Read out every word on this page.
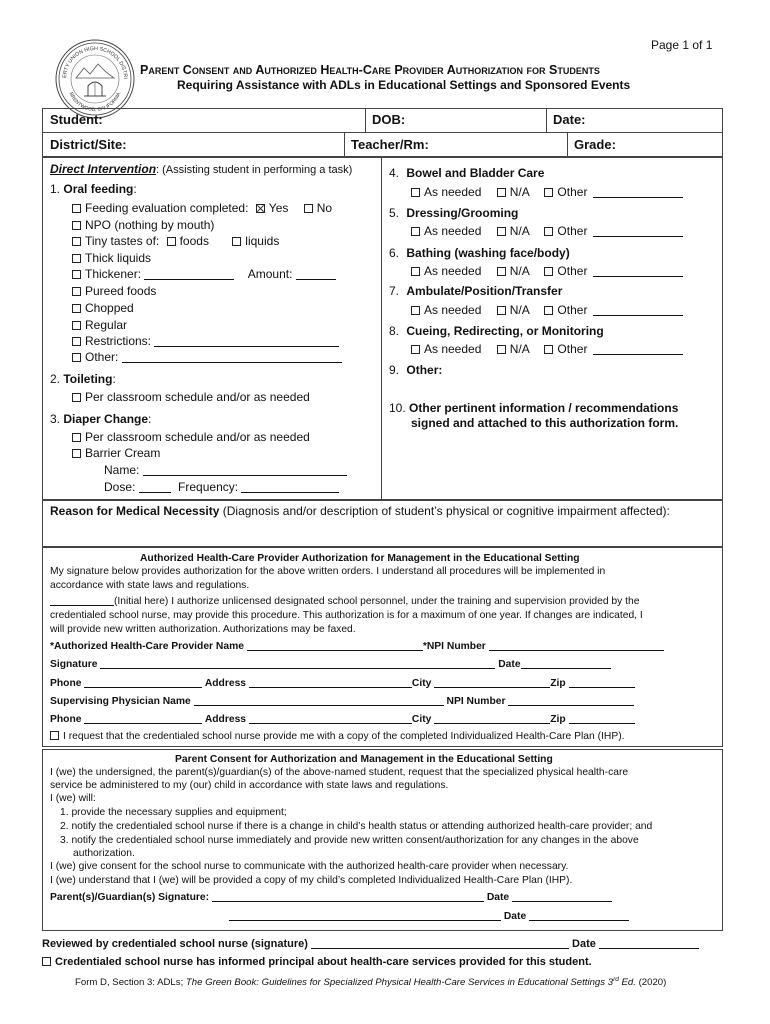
Page 1 of 1
ERTY UNION HIGH SCHOOL DISTRI
BRENTWOOD, CALIFORNIA
Parent Consent and Authorized Health-Care Provider Authorization for Students
Requiring Assistance with ADLs in Educational Settings and Sponsored Events
Student:	DOB:	Date:
District/Site:	Teacher/Rm:	Grade:
Direct Intervention: (Assisting student in performing a task)
1. Oral feeding:
Feeding evaluation completed: Yes No
NPO (nothing by mouth)
Tiny tastes of: foods	liquids
Thick liquids
Thickener:	Amount:
Pureed foods
Chopped
Regular
Restrictions:
Other:
2. Toileting:
Per classroom schedule and/or as needed
3. Diaper Change:
Per classroom schedule and/or as needed
Barrier Cream
Name:
Dose:	Frequency:
4. Bowel and Bladder Care
As needed N/A Other
5. Dressing/Grooming
As needed N/A Other
6. Bathing (washing face/body)
As needed N/A Other
7. Ambulate/Position/Transfer
As needed N/A Other
8. Cueing, Redirecting, or Monitoring
As needed N/A Other
9. Other:
10. Other pertinent information / recommendations
signed and attached to this authorization form.
Reason for Medical Necessity (Diagnosis and/or description of student’s physical or cognitive impairment affected):
Authorized Health-Care Provider Authorization for Management in the Educational Setting
My signature below provides authorization for the above written orders. I understand all procedures will be implemented in
accordance with state laws and regulations.
(Initial here) I authorize unlicensed designated school personnel, under the training and supervision provided by the
credentialed school nurse, may provide this procedure. This authorization is for a maximum of one year. If changes are indicated, I
will provide new written authorization. Authorizations may be faxed.
*Authorized Health-Care Provider Name	*NPI Number
Signature	Date
Phone	Address	City	Zip
Supervising Physician Name	NPI Number
Phone	Address	City	Zip
I request that the credentialed school nurse provide me with a copy of the completed Individualized Health-Care Plan (IHP).
Parent Consent for Authorization and Management in the Educational Setting
I (we) the undersigned, the parent(s)/guardian(s) of the above-named student, request that the specialized physical health-care
service be administered to my (our) child in accordance with state laws and regulations.
I (we) will:
1. provide the necessary supplies and equipment;
2. notify the credentialed school nurse if there is a change in child’s health status or attending authorized health-care provider; and
3. notify the credentialed school nurse immediately and provide new written consent/authorization for any changes in the above
authorization.
I (we) give consent for the school nurse to communicate with the authorized health-care provider when necessary.
I (we) understand that I (we) will be provided a copy of my child’s completed Individualized Health-Care Plan (IHP).
Parent(s)/Guardian(s) Signature:	Date
Date
Reviewed by credentialed school nurse (signature)	Date
Credentialed school nurse has informed principal about health-care services provided for this student.
Form D, Section 3: ADLs; The Green Book: Guidelines for Specialized Physical Health-Care Services in Educational Settings 3rd Ed. (2020)
